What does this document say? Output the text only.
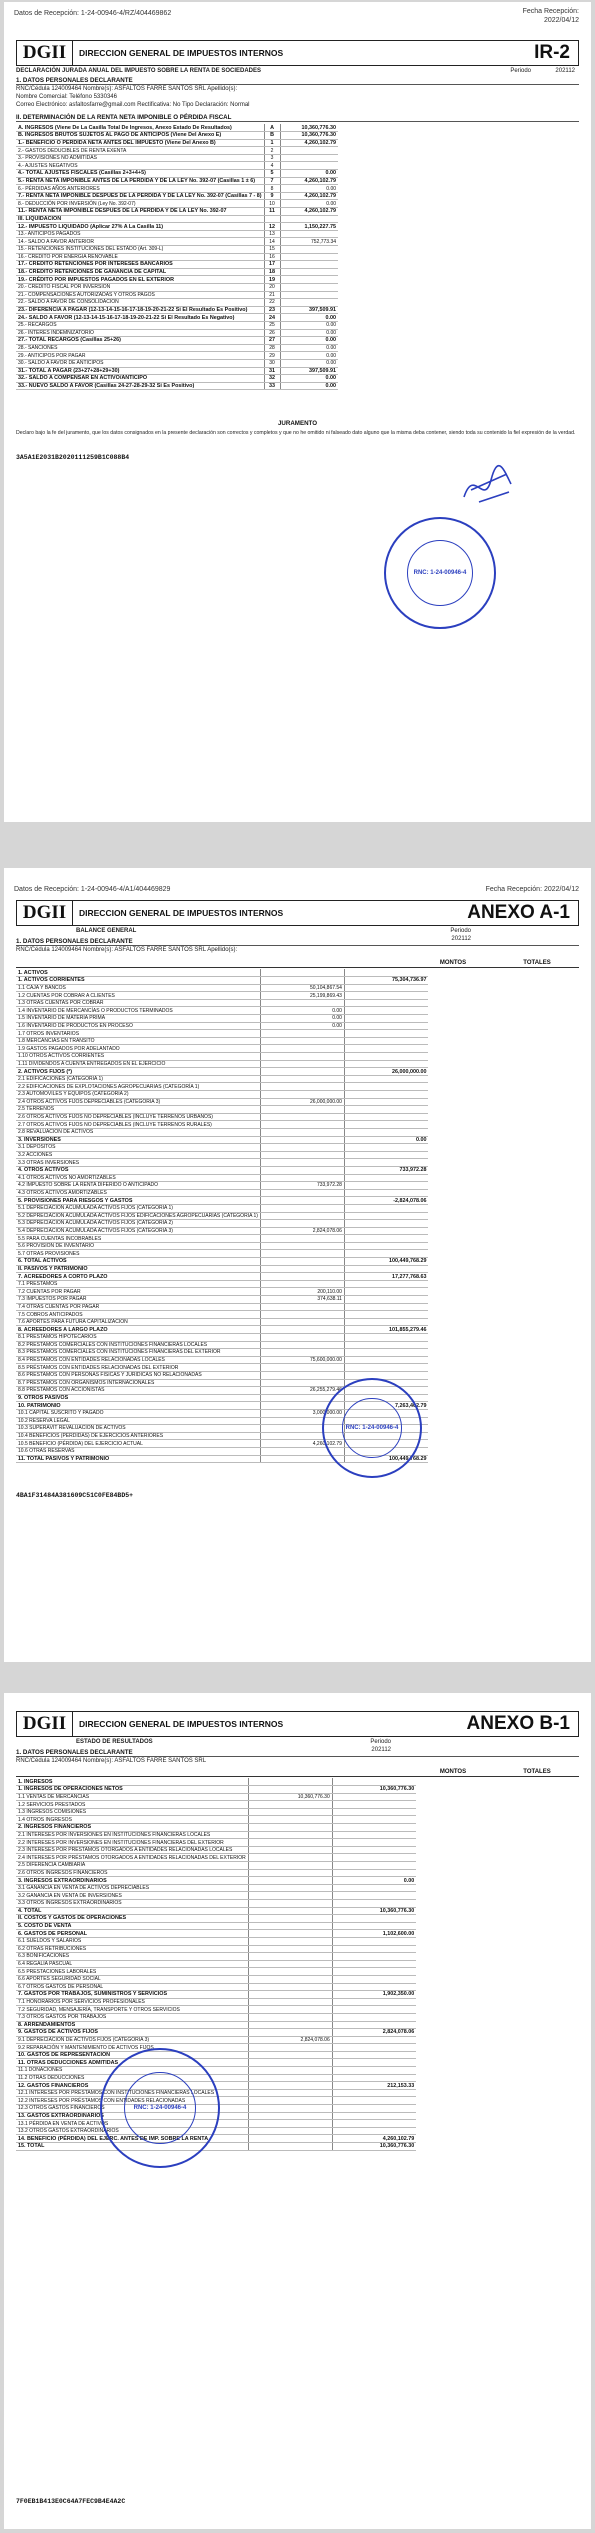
Datos de Recepción: 1-24-00946-4/RZ/404469862	Fecha Recepción:
2022/04/12
DGII	DIRECCION GENERAL DE IMPUESTOS INTERNOS	IR-2
DECLARACIÓN JURADA ANUAL DEL IMPUESTO SOBRE LA RENTA DE SOCIEDADES	Periodo	202112
1. DATOS PERSONALES DECLARANTE
RNC/Cédula 124009464 Nombre(s): ASFALTOS FARRE SANTOS SRL Apellido(s):
Nombre Comercial: Teléfono 5330346
Correo Electrónico: asfaltosfarre@gmail.com Rectificativa: No Tipo Declaración: Normal
II. DETERMINACIÓN DE LA RENTA NETA IMPONIBLE O PÉRDIDA FISCAL
A. INGRESOS (Viene De La Casilla Total De Ingresos, Anexo Estado De Resultados)	A	10,360,776.30
B. INGRESOS BRUTOS SUJETOS AL PAGO DE ANTICIPOS (Viene Del Anexo E)	B	10,360,776.30
1.- BENEFICIO O PÉRDIDA NETA ANTES DEL IMPUESTO (Viene Del Anexo B)	1	4,260,102.79
2.- GASTOS DEDUCIBLES DE RENTA EXENTA	2	
3.- PROVISIONES NO ADMITIDAS	3	
4.- AJUSTES NEGATIVOS	4	
4.- TOTAL AJUSTES FISCALES (Casillas 2+3+4+5)	5	0.00
5.- RENTA NETA IMPONIBLE ANTES DE LA PÉRDIDA Y DE LA LEY No. 392-07 (Casillas 1 ± 6)	7	4,260,102.79
6.- PÉRDIDAS AÑOS ANTERIORES	8	0.00
7.- RENTA NETA IMPONIBLE DESPUÉS DE LA PÉRDIDA Y DE LA LEY No. 392-07 (Casillas 7 - 8)	9	4,260,102.79
8.- DEDUCCIÓN POR INVERSIÓN (Ley No. 392-07)	10	0.00
11.- RENTA NETA IMPONIBLE DESPUÉS DE LA PÉRDIDA Y DE LA LEY No. 392-07	11	4,260,102.79
III. LIQUIDACIÓN		
12.- IMPUESTO LIQUIDADO (Aplicar 27% A La Casilla 11)	12	1,150,227.75
13.- ANTICIPOS PAGADOS	13	
14.- SALDO A FAVOR ANTERIOR	14	752,773.34
15.- RETENCIONES INSTITUCIONES DEL ESTADO (Art. 309-L)	15	
16.- CRÉDITO POR ENERGÍA RENOVABLE	16	
17.- CRÉDITO RETENCIONES POR INTERESES BANCARIOS	17	
18.- CRÉDITO RETENCIONES DE GANANCIA DE CAPITAL	18	
19.- CRÉDITO POR IMPUESTOS PAGADOS EN EL EXTERIOR	19	
20.- CRÉDITO FISCAL POR INVERSIÓN	20	
21.- COMPENSACIONES AUTORIZADAS Y OTROS PAGOS	21	
22.- SALDO A FAVOR DE CONSOLIDACIÓN	22	
23.- DIFERENCIA A PAGAR (12-13-14-15-16-17-18-19-20-21-22 Si El Resultado Es Positivo)	23	397,509.91
24.- SALDO A FAVOR (12-13-14-15-16-17-18-19-20-21-22 Si El Resultado Es Negativo)	24	0.00
25.- RECARGOS	25	0.00
26.- INTERÉS INDEMNIZATORIO	26	0.00
27.- TOTAL RECARGOS (Casillas 25+26)	27	0.00
28.- SANCIONES	28	0.00
29.- ANTICIPOS POR PAGAR	29	0.00
30.- SALDO A FAVOR DE ANTICIPOS	30	0.00
31.- TOTAL A PAGAR (23+27+28+29+30)	31	397,509.91
32.- SALDO A COMPENSAR EN ACTIVO/ANTICIPO	32	0.00
33.- NUEVO SALDO A FAVOR (Casillas 24-27-28-29-32 Si Es Positivo)	33	0.00
JURAMENTO
Declaro bajo la fe del juramento, que los datos consignados en la presente declaración son correctos y completos y que no he omitido ni falseado dato alguno que la misma deba contener, siendo toda su contenido la fiel expresión de la verdad.
3A5A1E2031B2020111259B1C088B4
RNC: 1-24-00946-4
Datos de Recepción: 1-24-00946-4/A1/404469829	Fecha Recepción: 2022/04/12
DGII	DIRECCION GENERAL DE IMPUESTOS INTERNOS	ANEXO A-1
BALANCE GENERAL	Periodo
202112
1. DATOS PERSONALES DECLARANTE
RNC/Cédula 124009464 Nombre(s): ASFALTOS FARRE SANTOS SRL Apellido(s):
MONTOS	TOTALES
1. ACTIVOS		
1. ACTIVOS CORRIENTES		75,304,736.97
1.1 CAJA Y BANCOS	50,104,867.54	
1.2 CUENTAS POR COBRAR A CLIENTES	25,199,869.43	
1.3 OTRAS CUENTAS POR COBRAR		
1.4 INVENTARIO DE MERCANCÍAS O PRODUCTOS TERMINADOS	0.00	
1.5 INVENTARIO DE MATERIA PRIMA	0.00	
1.6 INVENTARIO DE PRODUCTOS EN PROCESO	0.00	
1.7 OTROS INVENTARIOS		
1.8 MERCANCÍAS EN TRÁNSITO		
1.9 GASTOS PAGADOS POR ADELANTADO		
1.10 OTROS ACTIVOS CORRIENTES		
1.11 DIVIDENDOS A CUENTA ENTREGADOS EN EL EJERCICIO		
2. ACTIVOS FIJOS (*)		26,000,000.00
2.1 EDIFICACIONES (CATEGORÍA 1)		
2.2 EDIFICACIONES DE EXPLOTACIONES AGROPECUARIAS (CATEGORÍA 1)		
2.3 AUTOMÓVILES Y EQUIPOS (CATEGORÍA 2)		
2.4 OTROS ACTIVOS FIJOS DEPRECIABLES (CATEGORÍA 3)	26,000,000.00	
2.5 TERRENOS		
2.6 OTROS ACTIVOS FIJOS NO DEPRECIABLES (INCLUYE TERRENOS URBANOS)		
2.7 OTROS ACTIVOS FIJOS NO DEPRECIABLES (INCLUYE TERRENOS RURALES)		
2.8 REVALUACIÓN DE ACTIVOS		
3. INVERSIONES		0.00
3.1 DEPÓSITOS		
3.2 ACCIONES		
3.3 OTRAS INVERSIONES		
4. OTROS ACTIVOS		733,972.28
4.1 OTROS ACTIVOS NO AMORTIZABLES		
4.2 IMPUESTO SOBRE LA RENTA DIFERIDO O ANTICIPADO	733,972.28	
4.3 OTROS ACTIVOS AMORTIZABLES		
5. PROVISIONES PARA RIESGOS Y GASTOS		-2,824,078.06
5.1 DEPRECIACIÓN ACUMULADA ACTIVOS FIJOS (CATEGORÍA 1)		
5.2 DEPRECIACIÓN ACUMULADA ACTIVOS FIJOS EDIFICACIONES AGROPECUARIAS (CATEGORÍA 1)		
5.3 DEPRECIACIÓN ACUMULADA ACTIVOS FIJOS (CATEGORÍA 2)		
5.4 DEPRECIACIÓN ACUMULADA ACTIVOS FIJOS (CATEGORÍA 3)	2,824,078.06	
5.5 PARA CUENTAS INCOBRABLES		
5.6 PROVISIÓN DE INVENTARIO		
5.7 OTRAS PROVISIONES		
6. TOTAL ACTIVOS		100,449,768.29
II. PASIVOS Y PATRIMONIO		
7. ACREEDORES A CORTO PLAZO		17,277,768.63
7.1 PRÉSTAMOS		
7.2 CUENTAS POR PAGAR	200,110.00	
7.3 IMPUESTOS POR PAGAR	374,638.11	
7.4 OTRAS CUENTAS POR PAGAR		
7.5 COBROS ANTICIPADOS		
7.6 APORTES PARA FUTURA CAPITALIZACIÓN		
8. ACREEDORES A LARGO PLAZO		101,855,279.46
8.1 PRÉSTAMOS HIPOTECARIOS		
8.2 PRÉSTAMOS COMERCIALES CON INSTITUCIONES FINANCIERAS LOCALES		
8.3 PRÉSTAMOS COMERCIALES CON INSTITUCIONES FINANCIERAS DEL EXTERIOR		
8.4 PRÉSTAMOS CON ENTIDADES RELACIONADAS LOCALES	75,600,000.00	
8.5 PRÉSTAMOS CON ENTIDADES RELACIONADAS DEL EXTERIOR		
8.6 PRÉSTAMOS CON PERSONAS FÍSICAS Y JURÍDICAS NO RELACIONADAS		
8.7 PRÉSTAMOS CON ORGANISMOS INTERNACIONALES		
8.8 PRÉSTAMOS CON ACCIONISTAS	26,255,279.46	
9. OTROS PASIVOS		
10. PATRIMONIO		7,263,402.79
10.1 CAPITAL SUSCRITO Y PAGADO	3,000,000.00	
10.2 RESERVA LEGAL		
10.3 SUPERÁVIT REVALUACIÓN DE ACTIVOS		
10.4 BENEFICIOS (PÉRDIDAS) DE EJERCICIOS ANTERIORES		
10.5 BENEFICIO (PÉRDIDA) DEL EJERCICIO ACTUAL	4,260,102.79	
10.6 OTRAS RESERVAS		
11. TOTAL PASIVOS Y PATRIMONIO		100,449,768.29
4BA1F31484A381609C51C0FE84BD5+
RNC: 1-24-00946-4
DGII	DIRECCION GENERAL DE IMPUESTOS INTERNOS	ANEXO B-1
ESTADO DE RESULTADOS	Periodo
202112
1. DATOS PERSONALES DECLARANTE
RNC/Cédula 124009464 Nombre(s): ASFALTOS FARRE SANTOS SRL
MONTOS	TOTALES
1. INGRESOS		
1. INGRESOS DE OPERACIONES NETOS		10,360,776.30
1.1 VENTAS DE MERCANCÍAS	10,360,776.30	
1.2 SERVICIOS PRESTADOS		
1.3 INGRESOS COMISIONES		
1.4 OTROS INGRESOS		
2. INGRESOS FINANCIEROS		
2.1 INTERESES POR INVERSIONES EN INSTITUCIONES FINANCIERAS LOCALES		
2.2 INTERESES POR INVERSIONES EN INSTITUCIONES FINANCIERAS DEL EXTERIOR		
2.3 INTERESES POR PRÉSTAMOS OTORGADOS A ENTIDADES RELACIONADAS LOCALES		
2.4 INTERESES POR PRÉSTAMOS OTORGADOS A ENTIDADES RELACIONADAS DEL EXTERIOR		
2.5 DIFERENCIA CAMBIARIA		
2.6 OTROS INGRESOS FINANCIEROS		
3. INGRESOS EXTRAORDINARIOS		0.00
3.1 GANANCIA EN VENTA DE ACTIVOS DEPRECIABLES		
3.2 GANANCIA EN VENTA DE INVERSIONES		
3.3 OTROS INGRESOS EXTRAORDINARIOS		
4. TOTAL		10,360,776.30
II. COSTOS Y GASTOS DE OPERACIONES		
5. COSTO DE VENTA		
6. GASTOS DE PERSONAL		1,102,600.00
6.1 SUELDOS Y SALARIOS		
6.2 OTRAS RETRIBUCIONES		
6.3 BONIFICACIONES		
6.4 REGALÍA PASCUAL		
6.5 PRESTACIONES LABORALES		
6.6 APORTES SEGURIDAD SOCIAL		
6.7 OTROS GASTOS DE PERSONAL		
7. GASTOS POR TRABAJOS, SUMINISTROS Y SERVICIOS		1,902,350.00
7.1 HONORARIOS POR SERVICIOS PROFESIONALES		
7.2 SEGURIDAD, MENSAJERÍA, TRANSPORTE Y OTROS SERVICIOS		
7.3 OTROS GASTOS POR TRABAJOS		
8. ARRENDAMIENTOS		
9. GASTOS DE ACTIVOS FIJOS		2,824,078.06
9.1 DEPRECIACIÓN DE ACTIVOS FIJOS (CATEGORÍA 3)	2,824,078.06	
9.2 REPARACIÓN Y MANTENIMIENTO DE ACTIVOS FIJOS		
10. GASTOS DE REPRESENTACIÓN		
11. OTRAS DEDUCCIONES ADMITIDAS		
11.1 DONACIONES		
11.2 OTRAS DEDUCCIONES		
12. GASTOS FINANCIEROS		212,153.33
12.1 INTERESES POR PRÉSTAMOS CON INSTITUCIONES FINANCIERAS LOCALES		
12.2 INTERESES POR PRÉSTAMOS CON ENTIDADES RELACIONADAS		
12.3 OTROS GASTOS FINANCIEROS		
13. GASTOS EXTRAORDINARIOS		
13.1 PÉRDIDA EN VENTA DE ACTIVOS		
13.2 OTROS GASTOS EXTRAORDINARIOS		
14. BENEFICIO (PÉRDIDA) DEL EJERC. ANTES DE IMP. SOBRE LA RENTA		4,260,102.79
15. TOTAL		10,360,776.30
7F0EB1B413E0C64A7FEC9B4E4A2C
RNC: 1-24-00946-4
